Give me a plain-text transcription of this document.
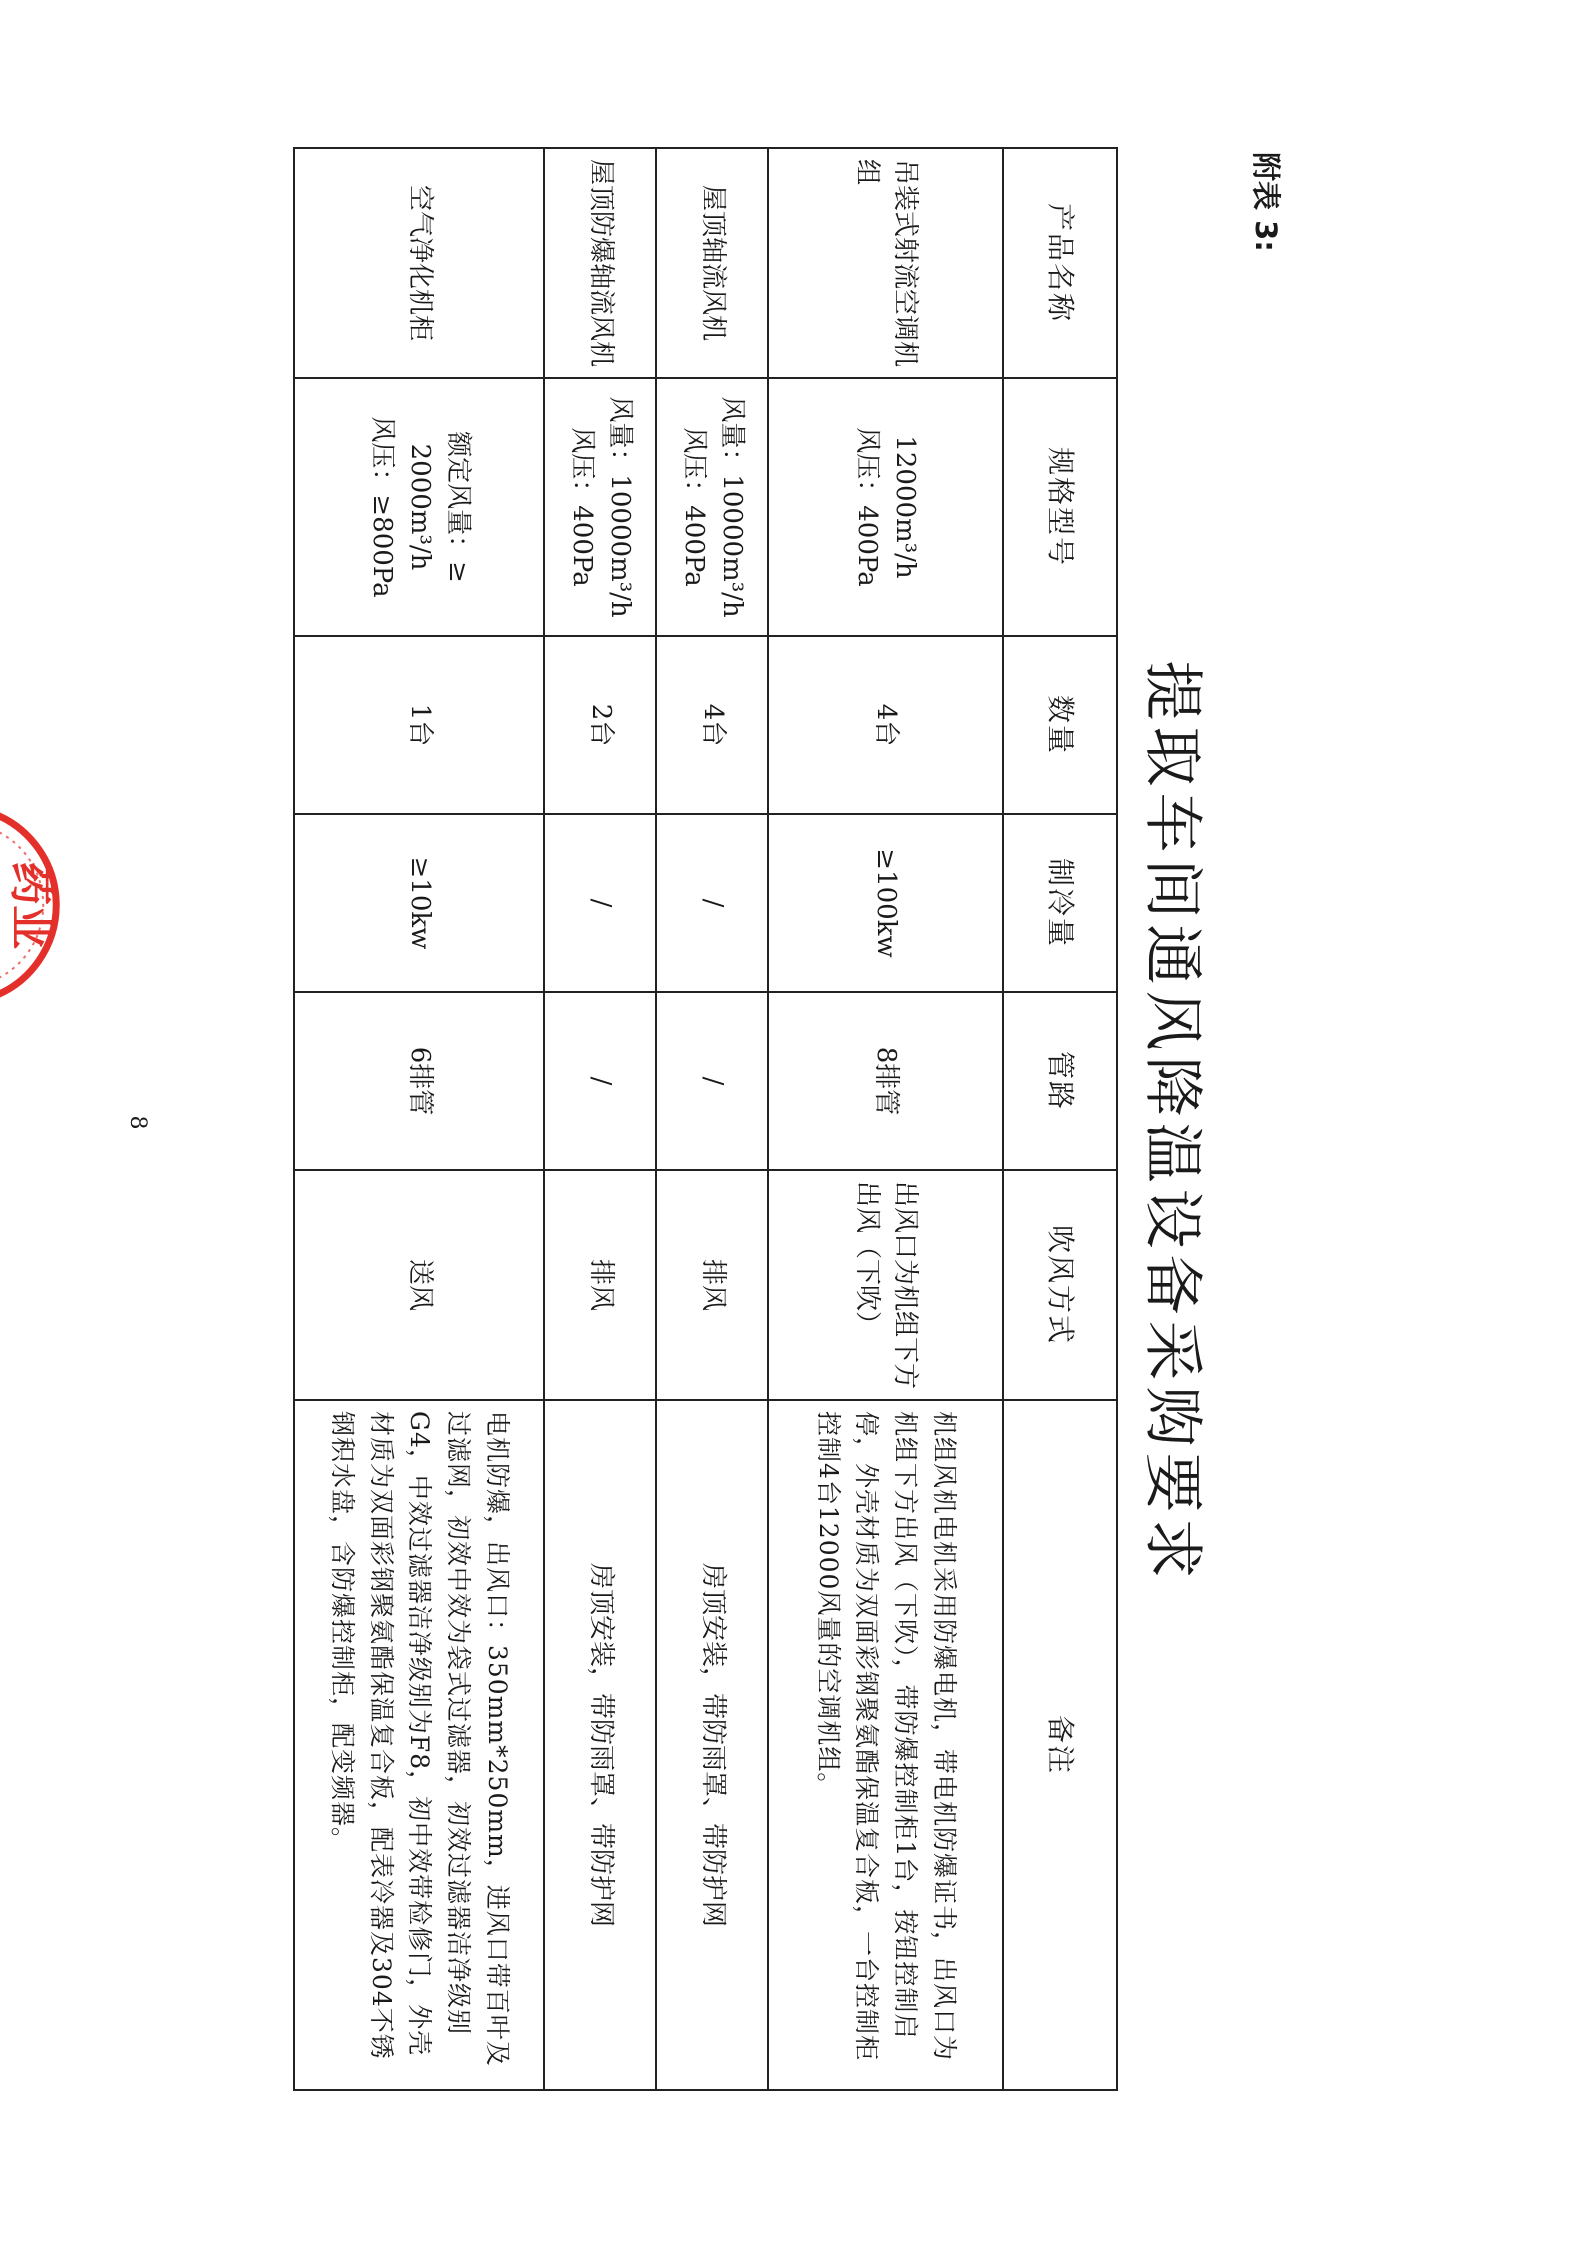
附表 3:
提取车间通风降温设备采购要求
产品名称	规格型号	数量	制冷量	管路	吹风方式	备注
吊装式射流空调机组	12000m³/h
风压：400Pa	4台	≥100kw	8排管	出风口为机组下方出风（下吹）	机组风机电机采用防爆电机，带电机防爆证书，出风口为机组下方出风（下吹），带防爆控制柜1台，按钮控制启停，外壳材质为双面彩钢聚氨酯保温复合板，一台控制柜控制4台12000风量的空调机组。
屋顶轴流风机	风量：10000m³/h
风压：400Pa	4台	/	/	排风	房顶安装，带防雨罩、带防护网
屋顶防爆轴流风机	风量：10000m³/h
风压：400Pa	2台	/	/	排风	房顶安装，带防雨罩、带防护网
空气净化机柜	额定风量：≥
2000m³/h
风压：≥800Pa	1台	≥10kw	6排管	送风	电机防爆，出风口：350mm*250mm，进风口带百叶及过滤网，初效中效为袋式过滤器，初效过滤器洁净级别G4，中效过滤器洁净级别为F8，初中效带检修门，外壳材质为双面彩钢聚氨酯保温复合板，配表冷器及304不锈钢积水盘，含防爆控制柜，配变频器。
8
药业
